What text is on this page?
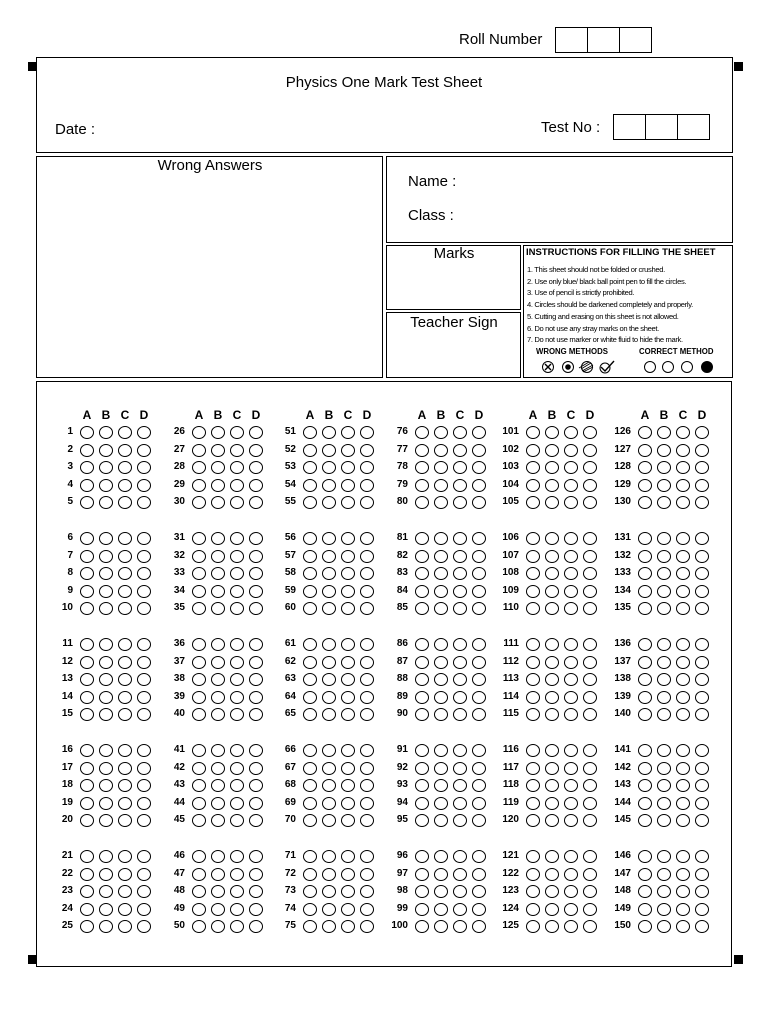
Roll Number
Physics One Mark Test Sheet
Date :	Test No :
Wrong Answers
Name :
Class :
Marks
Teacher Sign
INSTRUCTIONS FOR FILLING THE SHEET
1. This sheet should not be folded or crushed.
2. Use only blue/ black ball point pen to fill the circles.
3. Use of pencil is strictly prohibited.
4. Circles should be darkened completely and properly.
5. Cutting and erasing on this sheet is not allowed.
6. Do not use any stray marks on the sheet.
7. Do not use marker or white fluid to hide the mark.
WRONG METHODS	CORRECT METHOD
A B C D
1
2
3
4
5
6
7
8
9
10
11
12
13
14
15
16
17
18
19
20
21
22
23
24
25
A B C D
26
27
28
29
30
31
32
33
34
35
36
37
38
39
40
41
42
43
44
45
46
47
48
49
50
A B C D
51
52
53
54
55
56
57
58
59
60
61
62
63
64
65
66
67
68
69
70
71
72
73
74
75
A B C D
76
77
78
79
80
81
82
83
84
85
86
87
88
89
90
91
92
93
94
95
96
97
98
99
100
A B C D
101
102
103
104
105
106
107
108
109
110
111
112
113
114
115
116
117
118
119
120
121
122
123
124
125
A B C D
126
127
128
129
130
131
132
133
134
135
136
137
138
139
140
141
142
143
144
145
146
147
148
149
150
